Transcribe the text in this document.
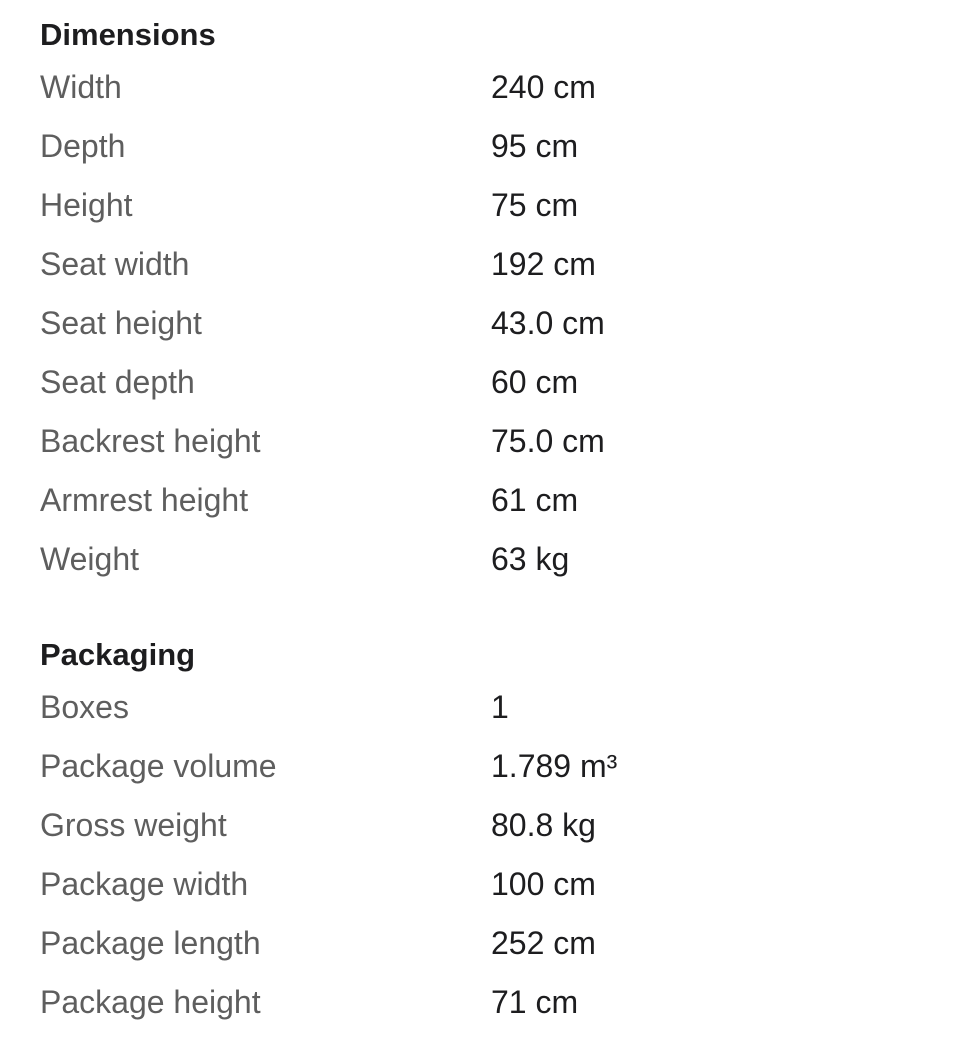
Dimensions
Width	240 cm
Depth	95 cm
Height	75 cm
Seat width	192 cm
Seat height	43.0 cm
Seat depth	60 cm
Backrest height	75.0 cm
Armrest height	61 cm
Weight	63 kg
Packaging
Boxes	1
Package volume	1.789 m³
Gross weight	80.8 kg
Package width	100 cm
Package length	252 cm
Package height	71 cm
